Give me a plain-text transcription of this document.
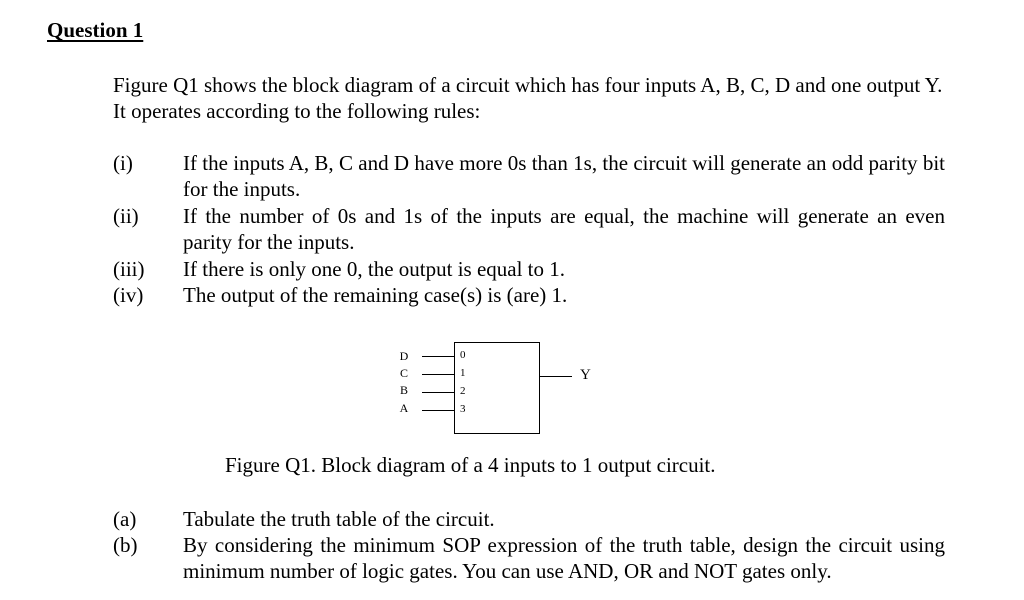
Question 1
Figure Q1 shows the block diagram of a circuit which has four inputs A, B, C, D and one output Y. It operates according to the following rules:
(i) If the inputs A, B, C and D have more 0s than 1s, the circuit will generate an odd parity bit for the inputs.
(ii) If the number of 0s and 1s of the inputs are equal, the machine will generate an even parity for the inputs.
(iii) If there is only one 0, the output is equal to 1.
(iv) The output of the remaining case(s) is (are) 1.
D
C
B
A
0
1
2
3
Y
Figure Q1. Block diagram of a 4 inputs to 1 output circuit.
(a) Tabulate the truth table of the circuit.
(b) By considering the minimum SOP expression of the truth table, design the circuit using minimum number of logic gates. You can use AND, OR and NOT gates only.
